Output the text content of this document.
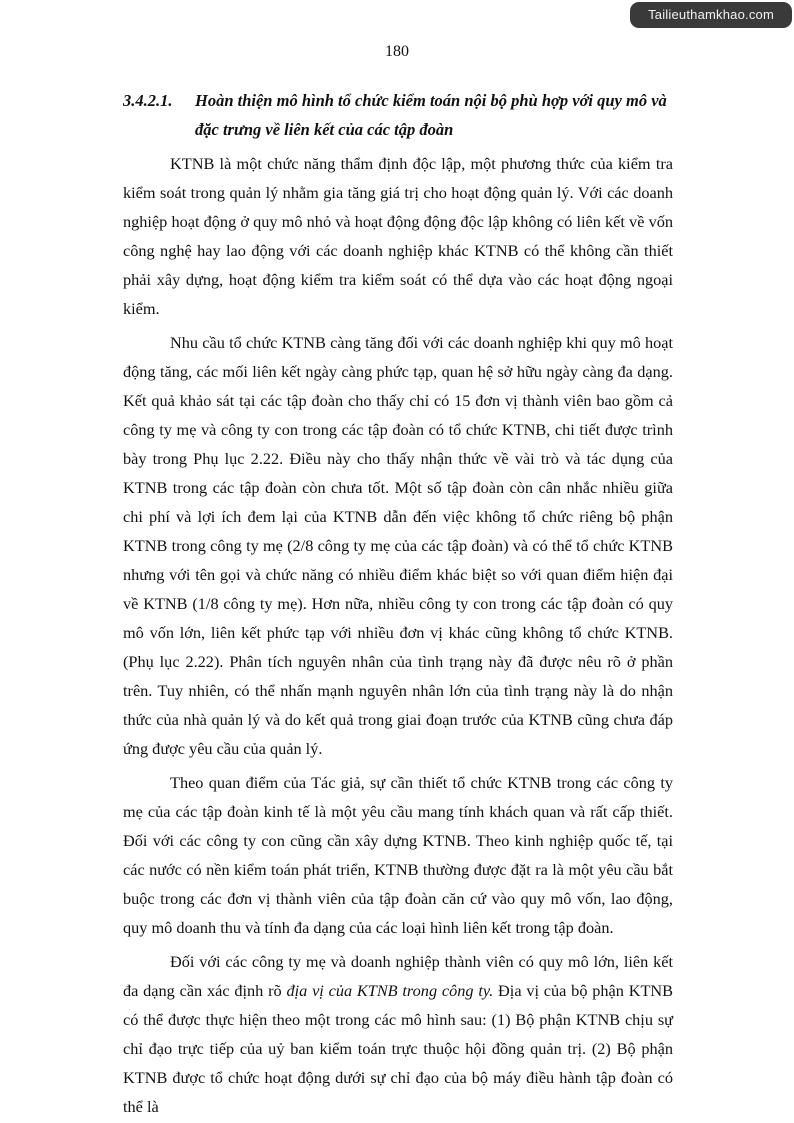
Tailieuthamkhao.com
180
3.4.2.1.	Hoàn thiện mô hình tổ chức kiểm toán nội bộ phù hợp với quy mô và đặc trưng về liên kết của các tập đoàn

KTNB là một chức năng thẩm định độc lập, một phương thức của kiểm tra kiểm soát trong quản lý nhằm gia tăng giá trị cho hoạt động quản lý. Với các doanh nghiệp hoạt động ở quy mô nhỏ và hoạt động động độc lập không có liên kết về vốn công nghệ hay lao động với các doanh nghiệp khác KTNB có thể không cần thiết phải xây dựng, hoạt động kiểm tra kiểm soát có thể dựa vào các hoạt động ngoại kiểm.

Nhu cầu tổ chức KTNB càng tăng đối với các doanh nghiệp khi quy mô hoạt động tăng, các mối liên kết ngày càng phức tạp, quan hệ sở hữu ngày càng đa dạng. Kết quả khảo sát tại các tập đoàn cho thấy chỉ có 15 đơn vị thành viên bao gồm cả công ty mẹ và công ty con trong các tập đoàn có tổ chức KTNB, chi tiết được trình bày trong Phụ lục 2.22. Điều này cho thấy nhận thức về vài trò và tác dụng của KTNB trong các tập đoàn còn chưa tốt. Một số tập đoàn còn cân nhắc nhiều giữa chi phí và lợi ích đem lại của KTNB dẫn đến việc không tổ chức riêng bộ phận KTNB trong công ty mẹ (2/8 công ty mẹ của các tập đoàn) và có thể tổ chức KTNB nhưng với tên gọi và chức năng có nhiều điểm khác biệt so với quan điểm hiện đại về KTNB (1/8 công ty mẹ). Hơn nữa, nhiều công ty con trong các tập đoàn có quy mô vốn lớn, liên kết phức tạp với nhiều đơn vị khác cũng không tổ chức KTNB. (Phụ lục 2.22). Phân tích nguyên nhân của tình trạng này đã được nêu rõ ở phần trên. Tuy nhiên, có thể nhấn mạnh nguyên nhân lớn của tình trạng này là do nhận thức của nhà quản lý và do kết quả trong giai đoạn trước của KTNB cũng chưa đáp ứng được yêu cầu của quản lý.

Theo quan điểm của Tác giả, sự cần thiết tổ chức KTNB trong các công ty mẹ của các tập đoàn kinh tế là một yêu cầu mang tính khách quan và rất cấp thiết. Đối với các công ty con cũng cần xây dựng KTNB. Theo kinh nghiệp quốc tế, tại các nước có nền kiểm toán phát triển, KTNB thường được đặt ra là một yêu cầu bắt buộc trong các đơn vị thành viên của tập đoàn căn cứ vào quy mô vốn, lao động, quy mô doanh thu và tính đa dạng của các loại hình liên kết trong tập đoàn.

Đối với các công ty mẹ và doanh nghiệp thành viên có quy mô lớn, liên kết đa dạng cần xác định rõ địa vị của KTNB trong công ty. Địa vị của bộ phận KTNB có thể được thực hiện theo một trong các mô hình sau: (1) Bộ phận KTNB chịu sự chỉ đạo trực tiếp của uỷ ban kiểm toán trực thuộc hội đồng quản trị. (2) Bộ phận KTNB được tổ chức hoạt động dưới sự chỉ đạo của bộ máy điều hành tập đoàn có thể là
